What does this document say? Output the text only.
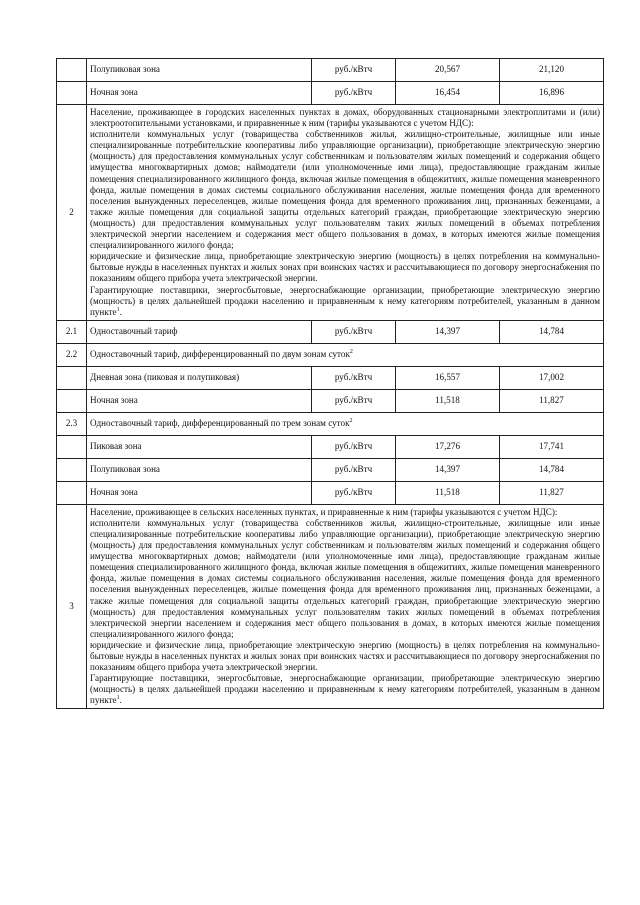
	Полупиковая зона	руб./кВтч	20,567	21,120
	Ночная зона	руб./кВтч	16,454	16,896
2	Население, проживающее в городских населенных пунктах в домах, оборудованных стационарными электроплитами и (или) электроотопительными установками, и приравненные к ним (тарифы указываются с учетом НДС):

исполнители коммунальных услуг (товарищества собственников жилья, жилищно-строительные, жилищные или иные специализированные потребительские кооперативы либо управляющие организации), приобретающие электрическую энергию (мощность) для предоставления коммунальных услуг собственникам и пользователям жилых помещений и содержания общего имущества многоквартирных домов; наймодатели (или уполномоченные ими лица), предоставляющие гражданам жилые помещения специализированного жилищного фонда, включая жилые помещения в общежитиях, жилые помещения маневренного фонда, жилые помещения в домах системы социального обслуживания населения, жилые помещения фонда для временного поселения вынужденных переселенцев, жилые помещения фонда для временного проживания лиц, признанных беженцами, а также жилые помещения для социальной защиты отдельных категорий граждан, приобретающие электрическую энергию (мощность) для предоставления коммунальных услуг пользователям таких жилых помещений в объемах потребления электрической энергии населением и содержания мест общего пользования в домах, в которых имеются жилые помещения специализированного жилого фонда;

юридические и физические лица, приобретающие электрическую энергию (мощность) в целях потребления на коммунально-бытовые нужды в населенных пунктах и жилых зонах при воинских частях и рассчитывающиеся по договору энергоснабжения по показаниям общего прибора учета электрической энергии.

Гарантирующие поставщики, энергосбытовые, энергоснабжающие организации, приобретающие электрическую энергию (мощность) в целях дальнейшей продажи населению и приравненным к нему категориям потребителей, указанным в данном пункте$^1$.			

2.1	Одноставочный тариф	руб./кВтч	14,397	14,784
2.2	Одноставочный тариф, дифференцированный по двум зонам суток$^2$
	Дневная зона (пиковая и полупиковая)	руб./кВтч	16,557	17,002
	Ночная зона	руб./кВтч	11,518	11,827
2.3	Одноставочный тариф, дифференцированный по трем зонам суток$^2$
	Пиковая зона	руб./кВтч	17,276	17,741
	Полупиковая зона	руб./кВтч	14,397	14,784
	Ночная зона	руб./кВтч	11,518	11,827
3	Население, проживающее в сельских населенных пунктах, и приравненные к ним (тарифы указываются с учетом НДС):

исполнители коммунальных услуг (товарищества собственников жилья, жилищно-строительные, жилищные или иные специализированные потребительские кооперативы либо управляющие организации), приобретающие электрическую энергию (мощность) для предоставления коммунальных услуг собственникам и пользователям жилых помещений и содержания общего имущества многоквартирных домов; наймодатели (или уполномоченные ими лица), предоставляющие гражданам жилые помещения специализированного жилищного фонда, включая жилые помещения в общежитиях, жилые помещения маневренного фонда, жилые помещения в домах системы социального обслуживания населения, жилые помещения фонда для временного поселения вынужденных переселенцев, жилые помещения фонда для временного проживания лиц, признанных беженцами, а также жилые помещения для социальной защиты отдельных категорий граждан, приобретающие электрическую энергию (мощность) для предоставления коммунальных услуг пользователям таких жилых помещений в объемах потребления электрической энергии населением и содержания мест общего пользования в домах, в которых имеются жилые помещения специализированного жилого фонда;

юридические и физические лица, приобретающие электрическую энергию (мощность) в целях потребления на коммунально-бытовые нужды в населенных пунктах и жилых зонах при воинских частях и рассчитывающиеся по договору энергоснабжения по показаниям общего прибора учета электрической энергии.

Гарантирующие поставщики, энергосбытовые, энергоснабжающие организации, приобретающие электрическую энергию (мощность) в целях дальнейшей продажи населению и приравненным к нему категориям потребителей, указанным в данном пункте$^1$.			
